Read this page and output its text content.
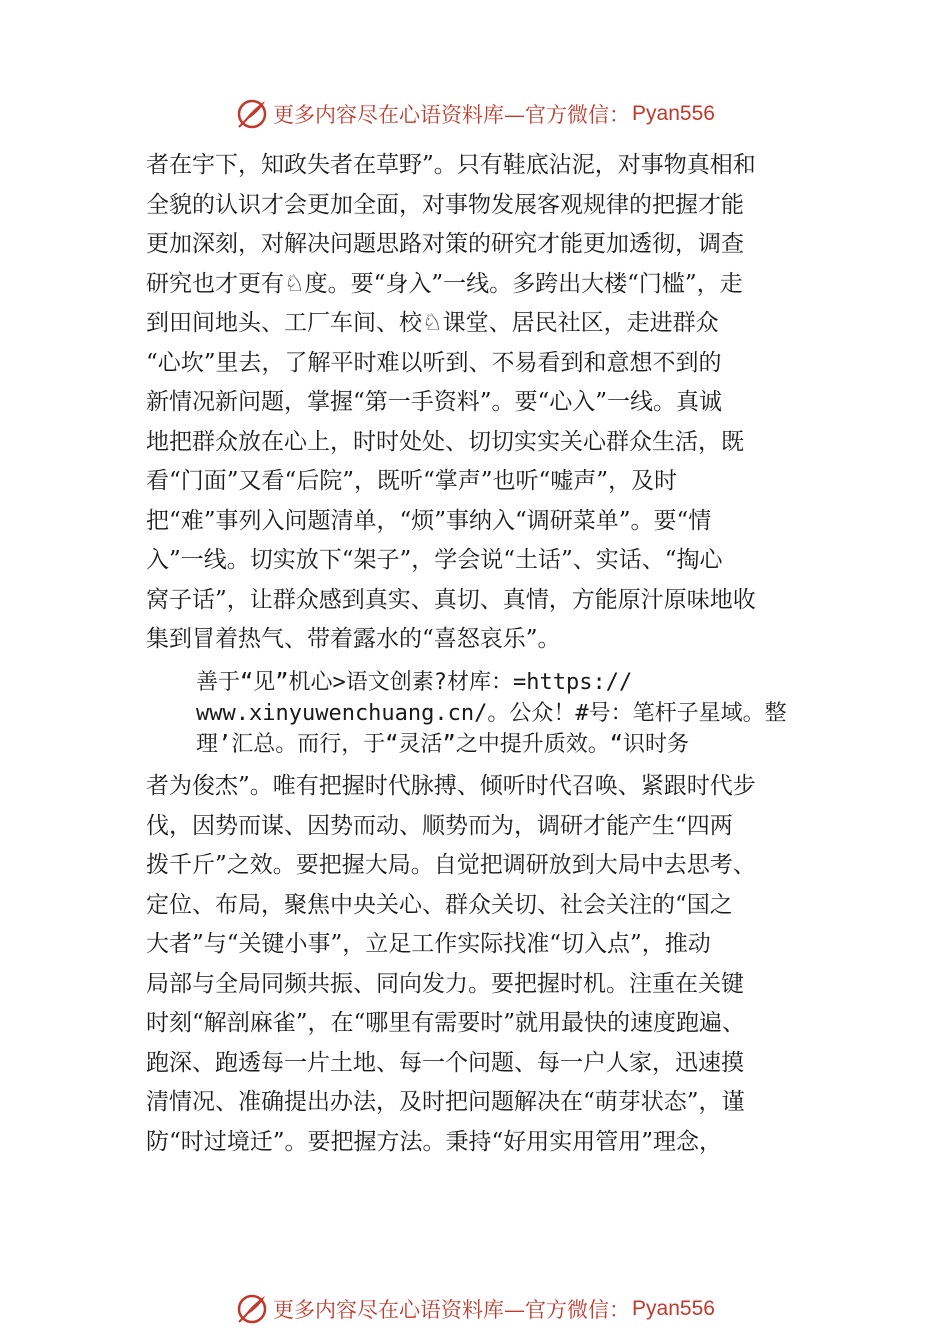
更多内容尽在心语资料库—官方微信： Pyan556
者在宇下，知政失者在草野”。只有鞋底沾泥，对事物真相和
全貌的认识才会更加全面，对事物发展客观规律的把握才能
更加深刻，对解决问题思路对策的研究才能更加透彻，调查
研究也才更有♘度。要“身入”一线。多跨出大楼“门槛”，走
到田间地头、工厂车间、校♘课堂、居民社区，走进群众
“心坎”里去，了解平时难以听到、不易看到和意想不到的
新情况新问题，掌握“第一手资料”。要“心入”一线。真诚
地把群众放在心上，时时处处、切切实实关心群众生活，既
看“门面”又看“后院”，既听“掌声”也听“嘘声”，及时
把“难”事列入问题清单，“烦”事纳入“调研菜单”。要“情
入”一线。切实放下“架子”，学会说“土话”、实话、“掏心
窝子话”，让群众感到真实、真切、真情，方能原汁原味地收
集到冒着热气、带着露水的“喜怒哀乐”。
善于“见”机心>语文创素?材库：=https://
www.xinyuwenchuang.cn/。公众！#号：笔杆子星域。整
理’汇总。而行，于“灵活”之中提升质效。“识时务
者为俊杰”。唯有把握时代脉搏、倾听时代召唤、紧跟时代步
伐，因势而谋、因势而动、顺势而为，调研才能产生“四两
拨千斤”之效。要把握大局。自觉把调研放到大局中去思考、
定位、布局，聚焦中央关心、群众关切、社会关注的“国之
大者”与“关键小事”，立足工作实际找准“切入点”，推动
局部与全局同频共振、同向发力。要把握时机。注重在关键
时刻“解剖麻雀”，在“哪里有需要时”就用最快的速度跑遍、
跑深、跑透每一片土地、每一个问题、每一户人家，迅速摸
清情况、准确提出办法，及时把问题解决在“萌芽状态”，谨
防“时过境迁”。要把握方法。秉持“好用实用管用”理念，
更多内容尽在心语资料库—官方微信： Pyan556
